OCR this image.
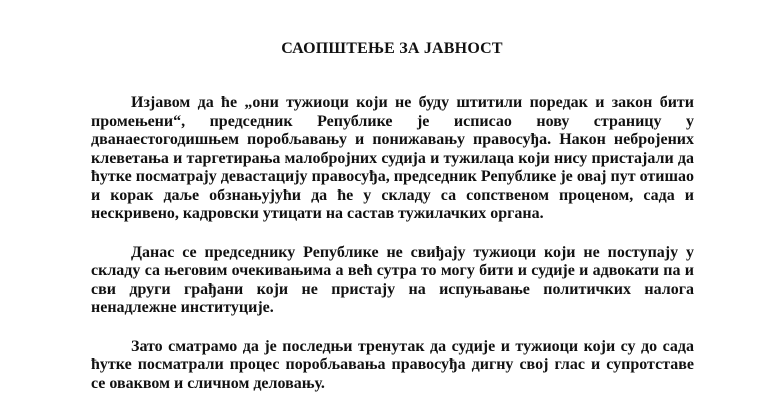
САОПШТЕЊЕ ЗА ЈАВНОСТ

Изјавом да ће „они тужиоци који не буду штитили поредак и закон бити промењени“, председник Републике је исписао нову страницу у дванаестогодишњем поробљавању и понижавању правосуђа. Након небројених клеветања и таргетирања малобројних судија и тужилаца који нису пристајали да ћутке посматрају девастацију правосуђа, председник Републике је овај пут отишао и корак даље обзнањујући да ће у складу са сопственом проценом, сада и нескривено, кадровски утицати на састав тужилачких органа.

Данас се председнику Републике не свиђају тужиоци који не поступају у складу са његовим очекивањима а већ сутра то могу бити и судије и адвокати па и сви други грађани који не пристају на испуњавање политичких налога ненадлежне институције.

Зато сматрамо да је последњи тренутак да судије и тужиоци који су до сада ћутке посматрали процес поробљавања правосуђа дигну свој глас и супротставе се оваквом и сличном деловању.
